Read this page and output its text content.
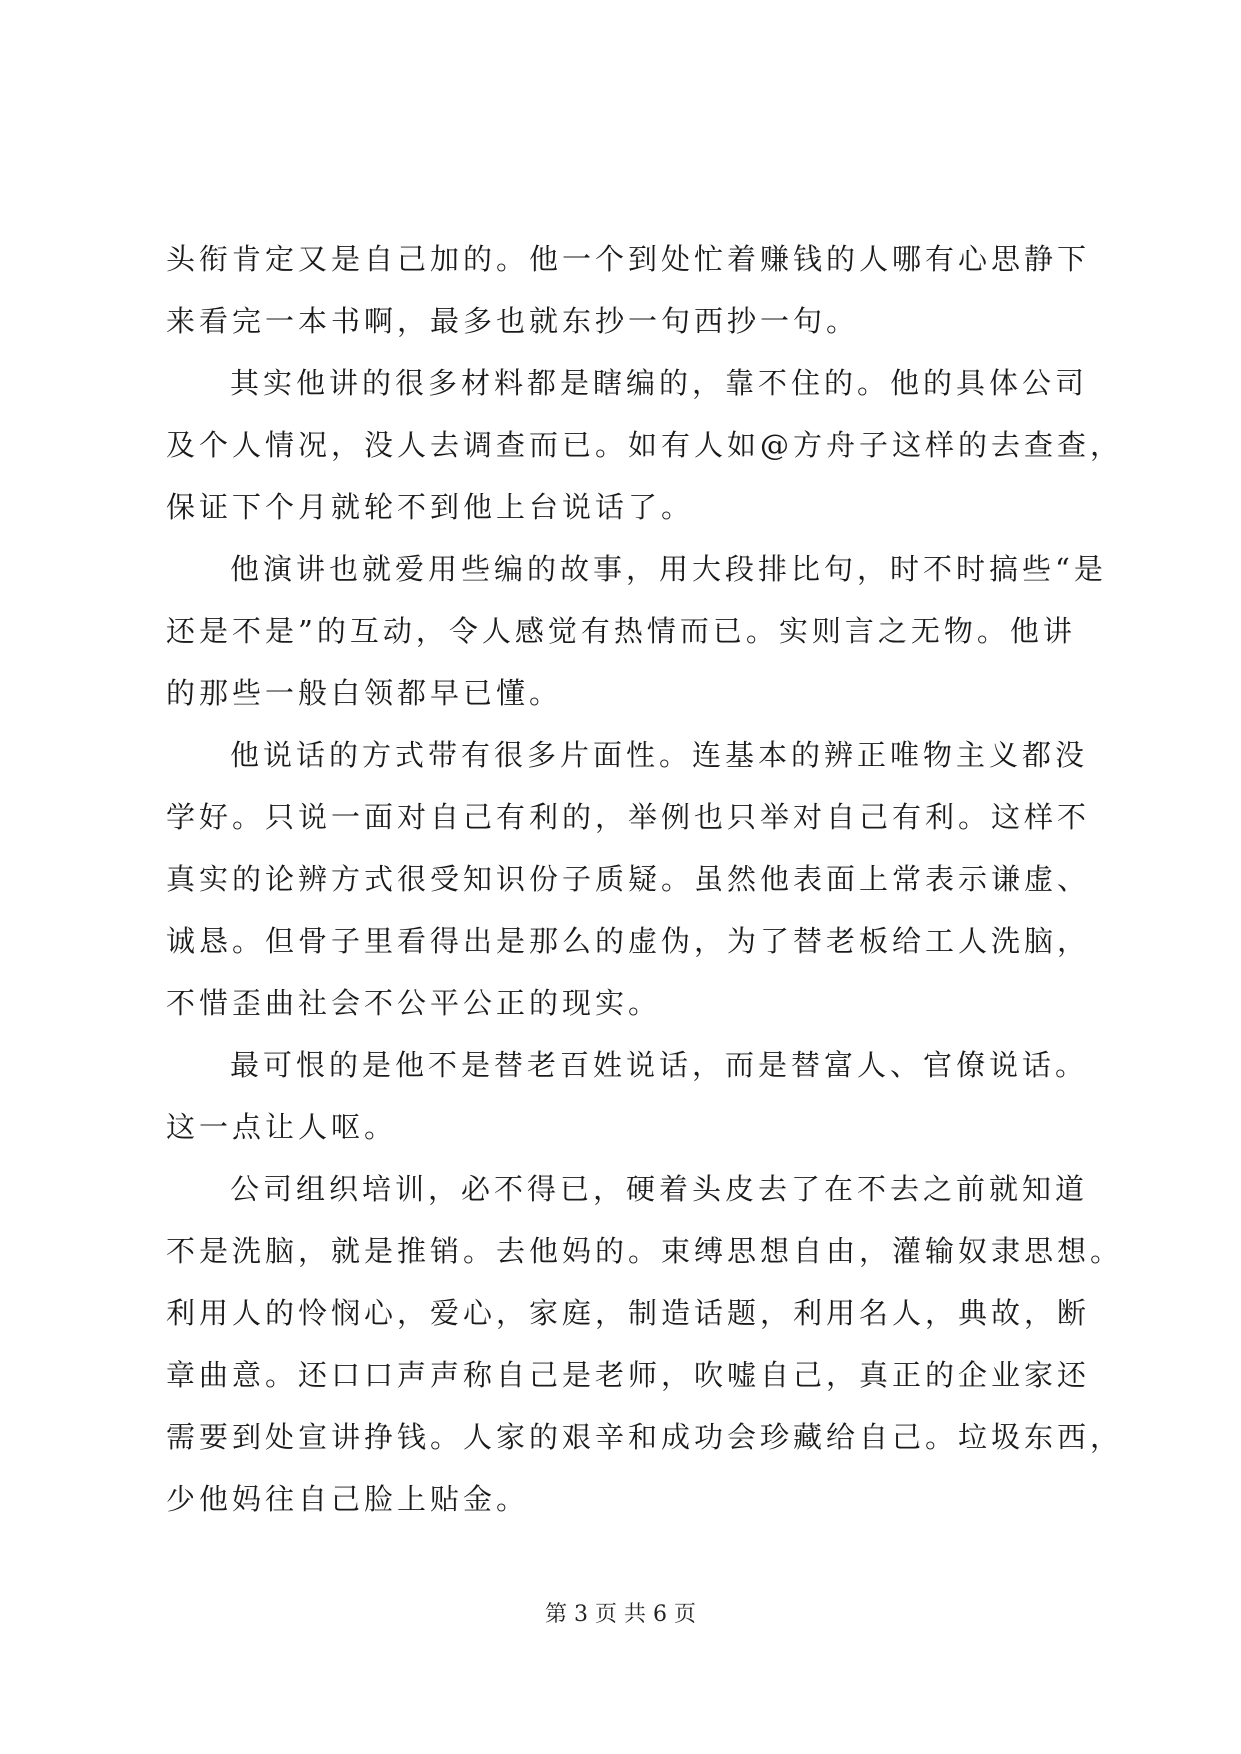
头衔肯定又是自己加的。他一个到处忙着赚钱的人哪有心思静下
来看完一本书啊，最多也就东抄一句西抄一句。
其实他讲的很多材料都是瞎编的，靠不住的。他的具体公司
及个人情况，没人去调查而已。如有人如@方舟子这样的去查查，
保证下个月就轮不到他上台说话了。
他演讲也就爱用些编的故事，用大段排比句，时不时搞些“是
还是不是”的互动，令人感觉有热情而已。实则言之无物。他讲
的那些一般白领都早已懂。
他说话的方式带有很多片面性。连基本的辨正唯物主义都没
学好。只说一面对自己有利的，举例也只举对自己有利。这样不
真实的论辨方式很受知识份子质疑。虽然他表面上常表示谦虚、
诚恳。但骨子里看得出是那么的虚伪，为了替老板给工人洗脑，
不惜歪曲社会不公平公正的现实。
最可恨的是他不是替老百姓说话，而是替富人、官僚说话。
这一点让人呕。
公司组织培训，必不得已，硬着头皮去了在不去之前就知道
不是洗脑，就是推销。去他妈的。束缚思想自由，灌输奴隶思想。
利用人的怜悯心，爱心，家庭，制造话题，利用名人，典故，断
章曲意。还口口声声称自己是老师，吹嘘自己，真正的企业家还
需要到处宣讲挣钱。人家的艰辛和成功会珍藏给自己。垃圾东西，
少他妈往自己脸上贴金。
第 3 页 共 6 页
